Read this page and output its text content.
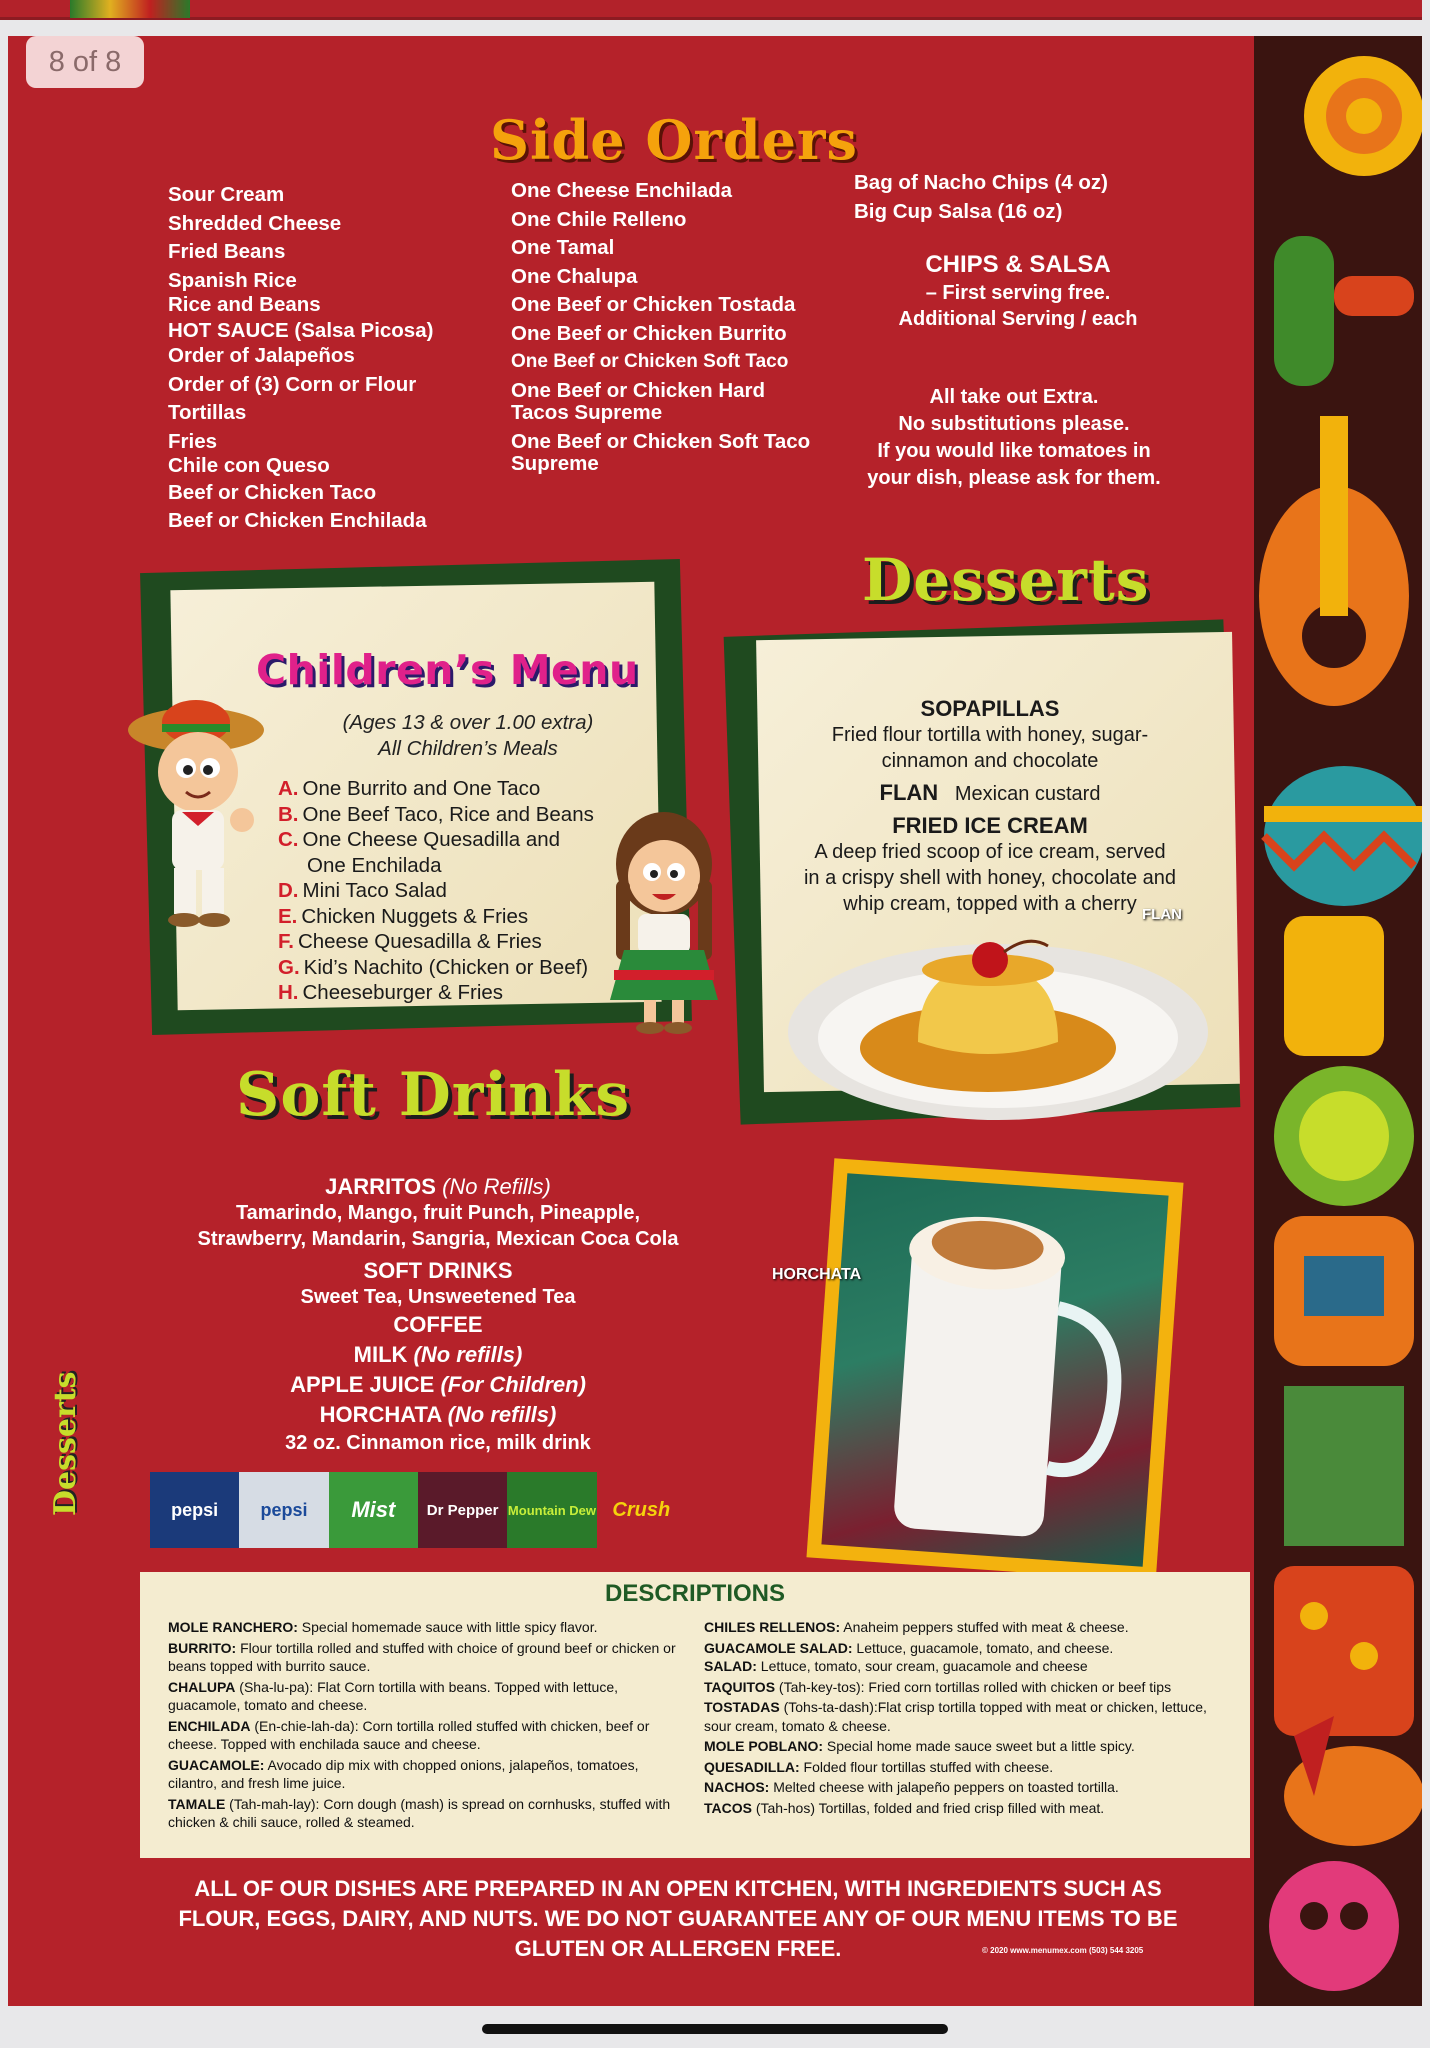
Side Orders
Sour Cream
Shredded Cheese
Fried Beans
Spanish Rice
Rice and Beans
HOT SAUCE (Salsa Picosa)
Order of Jalapeños
Order of (3) Corn or Flour
Tortillas
Fries
Chile con Queso
Beef or Chicken Taco
Beef or Chicken Enchilada
One Cheese Enchilada
One Chile Relleno
One Tamal
One Chalupa
One Beef or Chicken Tostada
One Beef or Chicken Burrito
One Beef or Chicken Soft Taco
One Beef or Chicken Hard
Tacos Supreme
One Beef or Chicken Soft Taco
Supreme
Bag of Nacho Chips (4 oz)
Big Cup Salsa (16 oz)
CHIPS & SALSA
– First serving free.
Additional Serving / each
All take out Extra.
No substitutions please.
If you would like tomatoes in
your dish, please ask for them.
Children’s Menu
(Ages 13 & over 1.00 extra)
All Children’s Meals
A. One Burrito and One Taco
B. One Beef Taco, Rice and Beans
C. One Cheese Quesadilla and
One Enchilada
D. Mini Taco Salad
E. Chicken Nuggets & Fries
F. Cheese Quesadilla & Fries
G. Kid’s Nachito (Chicken or Beef)
H. Cheeseburger & Fries
Desserts
SOPAPILLAS
Fried flour tortilla with honey, sugar-
cinnamon and chocolate
FLAN Mexican custard
FRIED ICE CREAM
A deep fried scoop of ice cream, served
in a crispy shell with honey, chocolate and
whip cream, topped with a cherry FLAN
Soft Drinks
JARRITOS (No Refills)
Tamarindo, Mango, fruit Punch, Pineapple,
Strawberry, Mandarin, Sangria, Mexican Coca Cola
SOFT DRINKS
Sweet Tea, Unsweetened Tea
COFFEE
MILK (No refills)
APPLE JUICE (For Children)
HORCHATA (No refills)
32 oz. Cinnamon rice, milk drink
pepsi	pepsi	Mist	Dr Pepper Mountain Dew Crush
HORCHATA
DESCRIPTIONS
MOLE RANCHERO: Special homemade sauce with little spicy flavor.
BURRITO: Flour tortilla rolled and stuffed with choice of ground beef or chicken or beans topped with burrito sauce.
CHALUPA (Sha-lu-pa): Flat Corn tortilla with beans. Topped with lettuce, guacamole, tomato and cheese.
ENCHILADA (En-chie-lah-da): Corn tortilla rolled stuffed with chicken, beef or cheese. Topped with enchilada sauce and cheese.
GUACAMOLE: Avocado dip mix with chopped onions, jalapeños, tomatoes, cilantro, and fresh lime juice.
TAMALE (Tah-mah-lay): Corn dough (mash) is spread on cornhusks, stuffed with chicken & chili sauce, rolled & steamed.
CHILES RELLENOS: Anaheim peppers stuffed with meat & cheese.
GUACAMOLE SALAD: Lettuce, guacamole, tomato, and cheese.
SALAD: Lettuce, tomato, sour cream, guacamole and cheese
TAQUITOS (Tah-key-tos): Fried corn tortillas rolled with chicken or beef tips
TOSTADAS (Tohs-ta-dash):Flat crisp tortilla topped with meat or chicken, lettuce, sour cream, tomato & cheese.
MOLE POBLANO: Special home made sauce sweet but a little spicy.
QUESADILLA: Folded flour tortillas stuffed with cheese.
NACHOS: Melted cheese with jalapeño peppers on toasted tortilla.
TACOS (Tah-hos) Tortillas, folded and fried crisp filled with meat.
ALL OF OUR DISHES ARE PREPARED IN AN OPEN KITCHEN, WITH INGREDIENTS SUCH AS FLOUR, EGGS, DAIRY, AND NUTS. WE DO NOT GUARANTEE ANY OF OUR MENU ITEMS TO BE GLUTEN OR ALLERGEN FREE.	© 2020 www.menumex.com (503) 544 3205
Desserts
8 of 8
